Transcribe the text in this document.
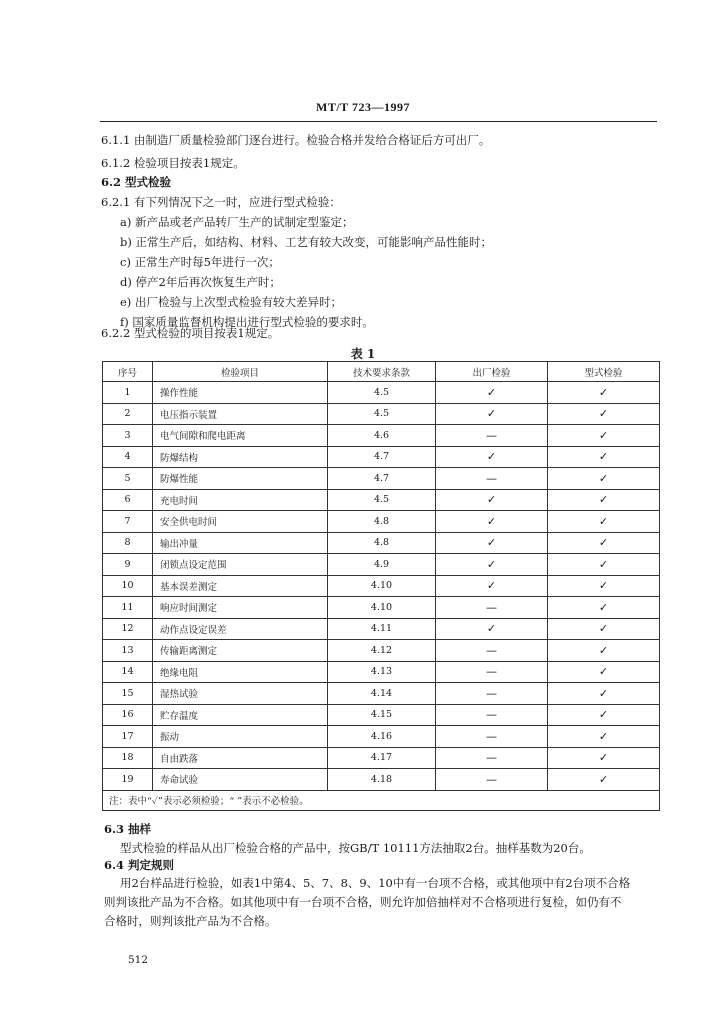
MT/T 723—1997
6.1.1 由制造厂质量检验部门逐台进行。检验合格并发给合格证后方可出厂。
6.1.2 检验项目按表1规定。
6.2 型式检验
6.2.1 有下列情况下之一时，应进行型式检验：
a) 新产品或老产品转厂生产的试制定型鉴定；
b) 正常生产后，如结构、材料、工艺有较大改变，可能影响产品性能时；
c) 正常生产时每5年进行一次；
d) 停产2年后再次恢复生产时；
e) 出厂检验与上次型式检验有较大差异时；
f) 国家质量监督机构提出进行型式检验的要求时。
6.2.2 型式检验的项目按表1规定。
表 1
序号	检验项目	技术要求条款	出厂检验	型式检验
1	操作性能	4.5	✓	✓
2	电压指示装置	4.5	✓	✓
3	电气间隙和爬电距离	4.6	—	✓
4	防爆结构	4.7	✓	✓
5	防爆性能	4.7	—	✓
6	充电时间	4.5	✓	✓
7	安全供电时间	4.8	✓	✓
8	输出冲量	4.8	✓	✓
9	闭锁点设定范围	4.9	✓	✓
10	基本误差测定	4.10	✓	✓
11	响应时间测定	4.10	—	✓
12	动作点设定误差	4.11	✓	✓
13	传输距离测定	4.12	—	✓
14	绝缘电阻	4.13	—	✓
15	湿热试验	4.14	—	✓
16	贮存温度	4.15	—	✓
17	振动	4.16	—	✓
18	自由跌落	4.17	—	✓
19	寿命试验	4.18	—	✓
注：表中“✓”表示必须检验；“ ”表示不必检验。				
6.3 抽样
型式检验的样品从出厂检验合格的产品中，按GB/T 10111方法抽取2台。抽样基数为20台。
6.4 判定规则
用2台样品进行检验，如表1中第4、5、7、8、9、10中有一台项不合格，或其他项中有2台项不合格
则判该批产品为不合格。如其他项中有一台项不合格，则允许加倍抽样对不合格项进行复检，如仍有不
合格时，则判该批产品为不合格。
512
